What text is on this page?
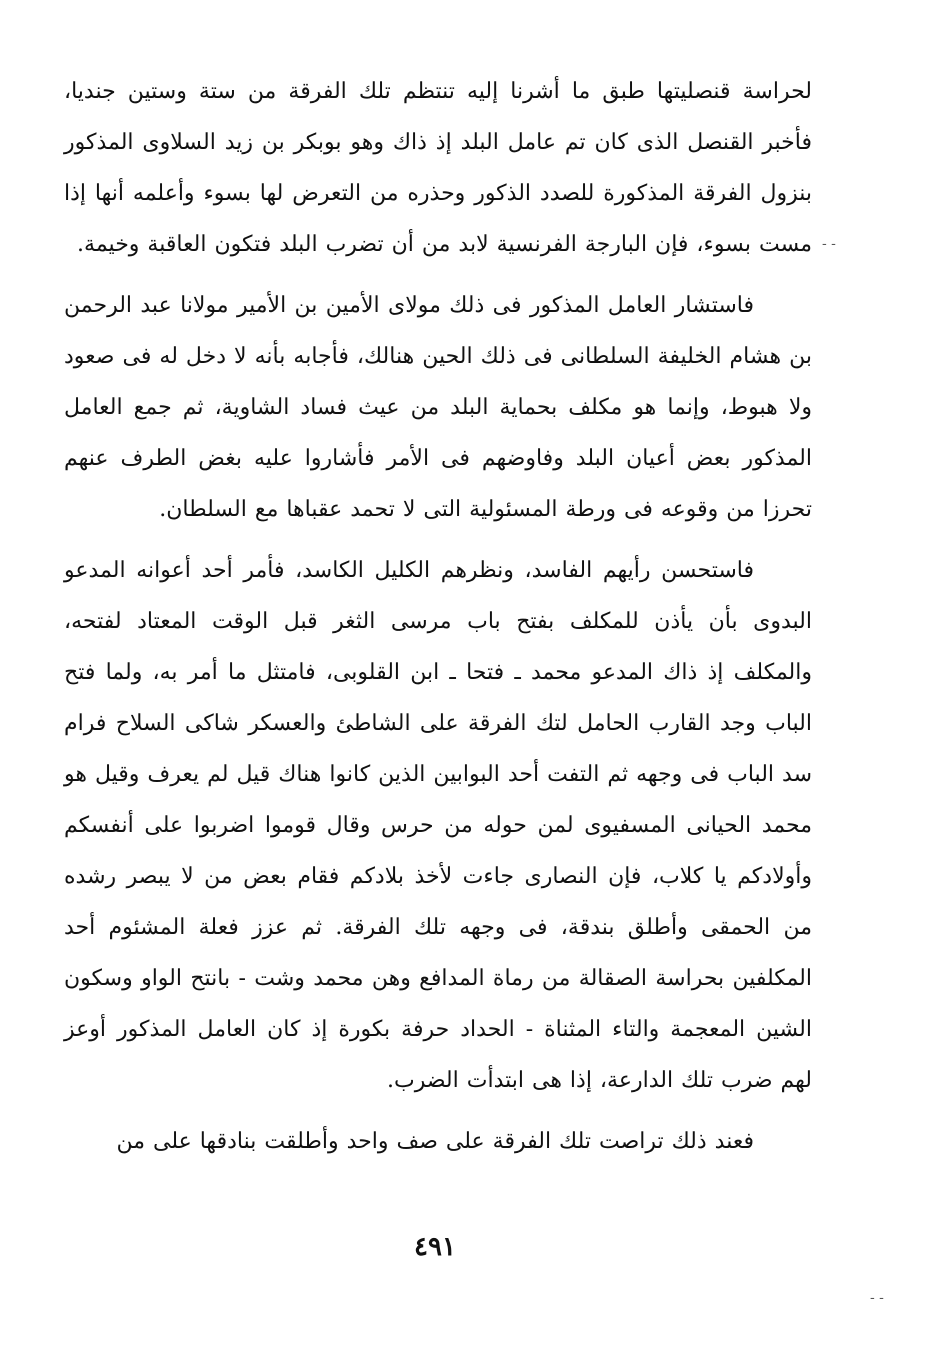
لحراسة قنصليتها طبق ما أشرنا إليه تنتظم تلك الفرقة من ستة وستين جنديا، فأخبر القنصل الذى كان تم عامل البلد إذ ذاك وهو بوبكر بن زيد السلاوى المذكور بنزول الفرقة المذكورة للصدد الذكور وحذره من التعرض لها بسوء وأعلمه أنها إذا مست بسوء، فإن البارجة الفرنسية لابد من أن تضرب البلد فتكون العاقبة وخيمة.

فاستشار العامل المذكور فى ذلك مولاى الأمين بن الأمير مولانا عبد الرحمن بن هشام الخليفة السلطانى فى ذلك الحين هنالك، فأجابه بأنه لا دخل له فى صعود ولا هبوط، وإنما هو مكلف بحماية البلد من عيث فساد الشاوية، ثم جمع العامل المذكور بعض أعيان البلد وفاوضهم فى الأمر فأشاروا عليه بغض الطرف عنهم تحرزا من وقوعه فى ورطة المسئولية التى لا تحمد عقباها مع السلطان.

فاستحسن رأيهم الفاسد، ونظرهم الكليل الكاسد، فأمر أحد أعوانه المدعو البدوى بأن يأذن للمكلف بفتح باب مرسى الثغر قبل الوقت المعتاد لفتحه، والمكلف إذ ذاك المدعو محمد ـ فتحا ـ ابن القلوبى، فامتثل ما أمر به، ولما فتح الباب وجد القارب الحامل لتك الفرقة على الشاطئ والعسكر شاكى السلاح فرام سد الباب فى وجهه ثم التفت أحد البوابين الذين كانوا هناك قيل لم يعرف وقيل هو محمد الحيانى المسفيوى لمن حوله من حرس وقال قوموا اضربوا على أنفسكم وأولادكم يا كلاب، فإن النصارى جاءت لأخذ بلادكم فقام بعض من لا يبصر رشده من الحمقى وأطلق بندقة، فى وجهه تلك الفرقة. ثم عزز فعلة المشئوم أحد المكلفين بحراسة الصقالة من رماة المدافع وهن محمد وشت - بانتح الواو وسكون الشين المعجمة والتاء المثناة - الحداد حرفة بكورة إذ كان العامل المذكور أوعز لهم ضرب تلك الدارعة، إذا هى ابتدأت الضرب.

فعند ذلك تراصت تلك الفرقة على صف واحد وأطلقت بنادقها على من

٤٩١
- -
- -
